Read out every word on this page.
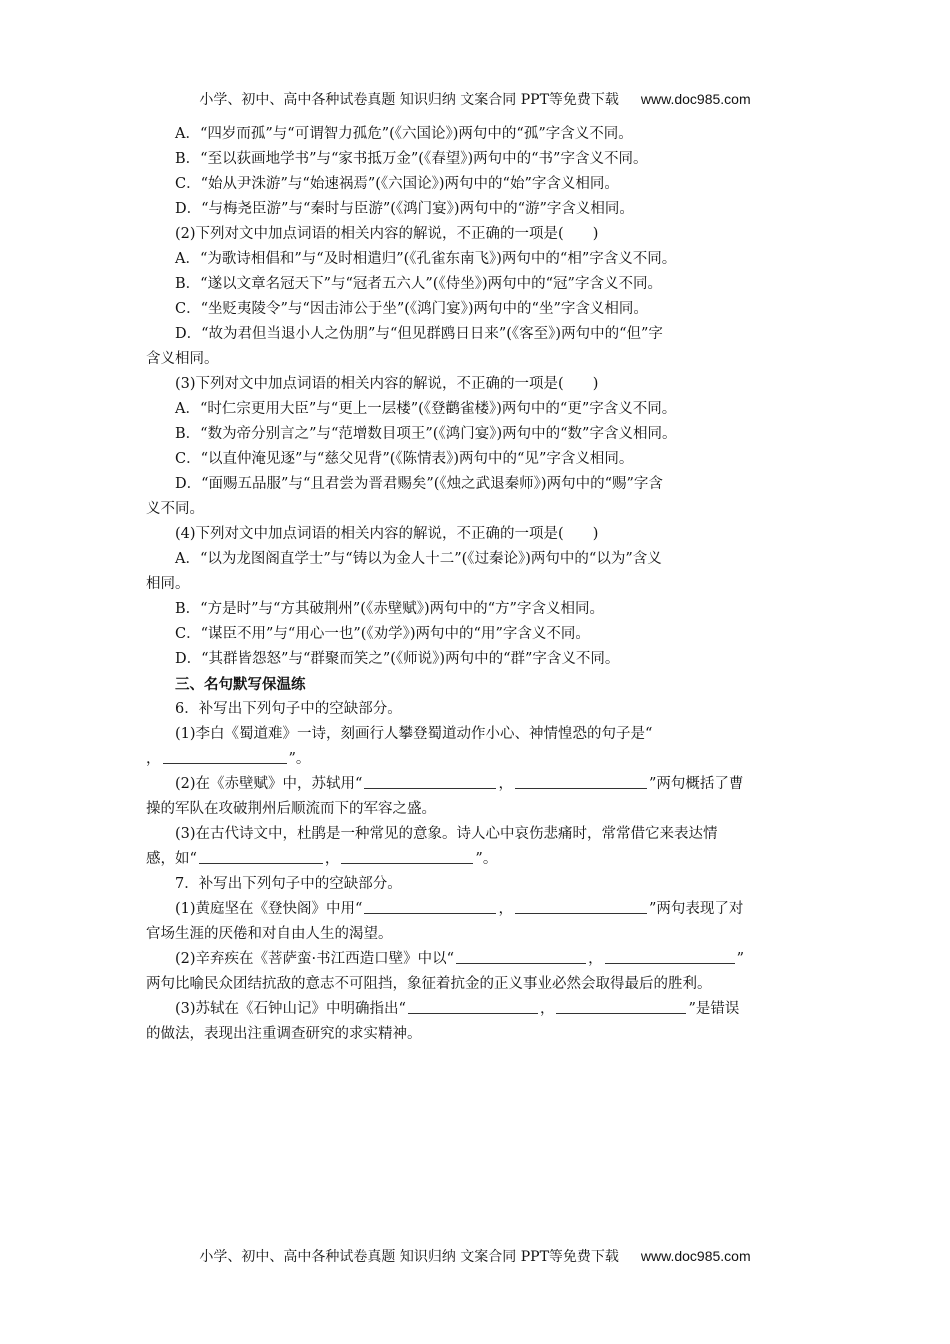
小学、初中、高中各种试卷真题 知识归纳 文案合同 PPT等免费下载 www.doc985.com
A．“四岁而孤”与“可谓智力孤危”(《六国论》)两句中的“孤”字含义不同。
B．“至以荻画地学书”与“家书抵万金”(《春望》)两句中的“书”字含义不同。
C．“始从尹洙游”与“始速祸焉”(《六国论》)两句中的“始”字含义相同。
D．“与梅尧臣游”与“秦时与臣游”(《鸿门宴》)两句中的“游”字含义相同。
(2)下列对文中加点词语的相关内容的解说，不正确的一项是(　　)
A．“为歌诗相倡和”与“及时相遣归”(《孔雀东南飞》)两句中的“相”字含义不同。
B．“遂以文章名冠天下”与“冠者五六人”(《侍坐》)两句中的“冠”字含义不同。
C．“坐贬夷陵令”与“因击沛公于坐”(《鸿门宴》)两句中的“坐”字含义相同。
D．“故为君但当退小人之伪朋”与“但见群鸥日日来”(《客至》)两句中的“但”字
含义相同。
(3)下列对文中加点词语的相关内容的解说，不正确的一项是(　　)
A．“时仁宗更用大臣”与“更上一层楼”(《登鹳雀楼》)两句中的“更”字含义不同。
B．“数为帝分别言之”与“范增数目项王”(《鸿门宴》)两句中的“数”字含义相同。
C．“以直仲淹见逐”与“慈父见背”(《陈情表》)两句中的“见”字含义相同。
D．“面赐五品服”与“且君尝为晋君赐矣”(《烛之武退秦师》)两句中的“赐”字含
义不同。
(4)下列对文中加点词语的相关内容的解说，不正确的一项是(　　)
A．“以为龙图阁直学士”与“铸以为金人十二”(《过秦论》)两句中的“以为”含义
相同。
B．“方是时”与“方其破荆州”(《赤壁赋》)两句中的“方”字含义相同。
C．“谋臣不用”与“用心一也”(《劝学》)两句中的“用”字含义不同。
D．“其群皆怨怒”与“群聚而笑之”(《师说》)两句中的“群”字含义不同。
三、名句默写保温练
6．补写出下列句子中的空缺部分。
(1)李白《蜀道难》一诗，刻画行人攀登蜀道动作小心、神情惶恐的句子是“
，	”。
(2)在《赤壁赋》中，苏轼用“	，	”两句概括了曹
操的军队在攻破荆州后顺流而下的军容之盛。
(3)在古代诗文中，杜鹃是一种常见的意象。诗人心中哀伤悲痛时，常常借它来表达情
感，如“	，	”。
7．补写出下列句子中的空缺部分。
(1)黄庭坚在《登快阁》中用“	，	”两句表现了对
官场生涯的厌倦和对自由人生的渴望。
(2)辛弃疾在《菩萨蛮·书江西造口壁》中以“	，	”
两句比喻民众团结抗敌的意志不可阻挡，象征着抗金的正义事业必然会取得最后的胜利。
(3)苏轼在《石钟山记》中明确指出“	，	”是错误
的做法，表现出注重调查研究的求实精神。
小学、初中、高中各种试卷真题 知识归纳 文案合同 PPT等免费下载 www.doc985.com
